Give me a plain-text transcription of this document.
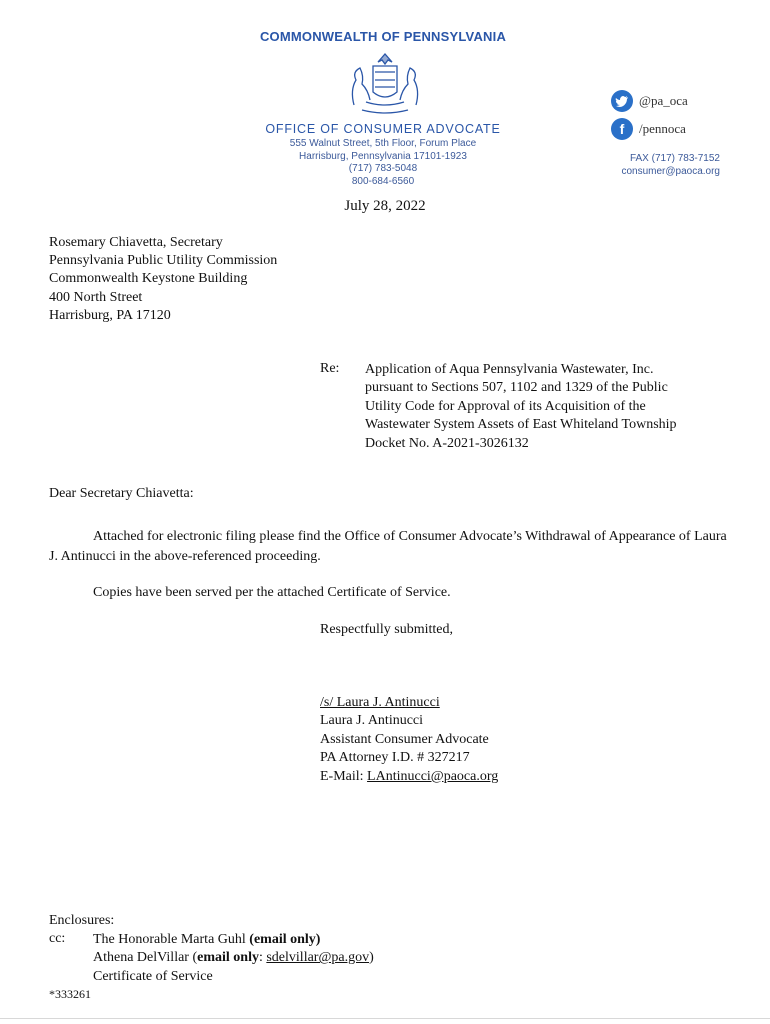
COMMONWEALTH OF PENNSYLVANIA
OFFICE OF CONSUMER ADVOCATE
555 Walnut Street, 5th Floor, Forum Place
Harrisburg, Pennsylvania 17101-1923
(717) 783-5048
800-684-6560
@pa_oca
f	/pennoca
FAX (717) 783-7152
consumer@paoca.org
July 28, 2022
Rosemary Chiavetta, Secretary
Pennsylvania Public Utility Commission
Commonwealth Keystone Building
400 North Street
Harrisburg, PA 17120
Re: Application of Aqua Pennsylvania Wastewater, Inc.
pursuant to Sections 507, 1102 and 1329 of the Public
Utility Code for Approval of its Acquisition of the
Wastewater System Assets of East Whiteland Township
Docket No. A-2021-3026132
Dear Secretary Chiavetta:
Attached for electronic filing please find the Office of Consumer Advocate’s Withdrawal of Appearance of Laura J. Antinucci in the above-referenced proceeding.
Copies have been served per the attached Certificate of Service.
Respectfully submitted,
/s/ Laura J. Antinucci
Laura J. Antinucci
Assistant Consumer Advocate
PA Attorney I.D. # 327217
E-Mail: LAntinucci@paoca.org
Enclosures:
cc: The Honorable Marta Guhl (email only)
Athena DelVillar (email only: sdelvillar@pa.gov)
Certificate of Service
*333261
